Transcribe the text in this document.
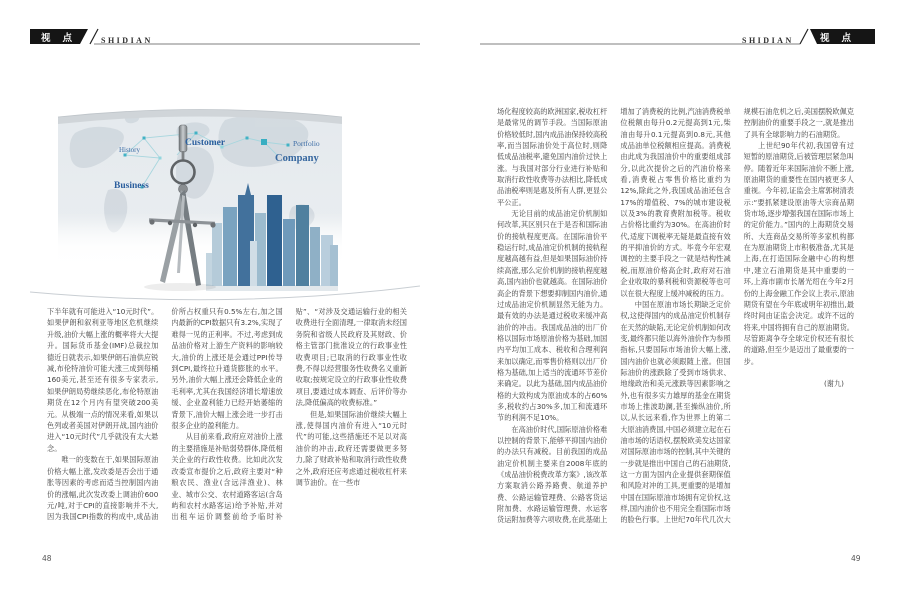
视点 SHIDIAN	SHIDIAN	视点
History
Customer	Portfolio
Company
Business

下半年就有可能进入“10元时代”。如果伊朗和叙利亚等地区危机继续升级,油价大幅上涨的概率将大大提升。国际货币基金(IMF)总裁拉加德近日就表示,如果伊朗石油供应锐减,布伦特油价可能大涨三成到每桶160美元,甚至还有很多专家表示,如果伊朗局势继续恶化,布伦特原油期货在12个月内有望突破200美元。从极端一点的情况来看,如果以色列或者美国对伊朗开战,国内油价进入“10元时代”几乎就没有太大悬念。

唯一的变数在于,如果国际原油价格大幅上涨,发改委是否会出于通胀等因素的考虑而适当控制国内油价的涨幅,此次发改委上调油价600元/吨,对于CPI的直接影响并不大,因为我国CPI指数的构成中,成品油价所占权重只有0.5%左右,加之国内最新的CPI数据只有3.2%,实现了难得一见的正利率。不过,考虑到成品油价格对上游生产资料的影响较大,油价的上涨还是会通过PPI传导到CPI,最终拉升通货膨胀的水平。另外,油价大幅上涨还会降低企业的毛利率,尤其在我国经济增长增速放缓、企业盈利能力已经开始萎缩的背景下,油价大幅上涨会进一步打击很多企业的盈利能力。

从目前来看,政府应对油价上涨的主要措施是补贴弱势群体,降低相关企业的行政性收费。比如此次发改委宣布提价之后,政府主要对“种粮农民、渔业(含远洋渔业)、林业、城市公交、农村道路客运(含岛屿和农村水路客运)给予补贴,并对出租车运价调整前给予临时补贴”、“对涉及交通运输行业的相关收费进行全面清理,一律取消未经国务院和省级人民政府及其财政、价格主管部门批准设立的行政事业性收费项目;已取消的行政事业性收费,不得以经营服务性收费名义重新收取;按规定设立的行政事业性收费项目,要通过成本调查、后评价等办法,降低偏高的收费标准。”

但是,如果国际油价继续大幅上涨,使得国内油价有进入“10元时代”的可能,这些措施还不足以对高油价的冲击,政府还需要做更多努力,除了财政补贴和取消行政性收费之外,政府还应考虑通过税收杠杆来调节油价。在一些市

场化程度较高的欧洲国家,税收杠杆是最常见的调节手段。当国际原油价格较低时,国内成品油保持较高税率,而当国际油价处于高位时,则降低成品油税率,避免国内油价过快上涨。与我国对部分行业进行补贴和取消行政性收费等办法相比,降低成品油税率则是惠及所有人群,更显公平公正。

无论目前的成品油定价机制如何改革,其区别只在于是否和国际油价的接轨程度更高。在国际油价平稳运行时,成品油定价机制的接轨程度越高越有益,但是如果国际油价持续高涨,那么定价机制的接轨程度越高,国内油价也就越高。在国际油价高企的背景下想要抑制国内油价,通过成品油定价机制显然无能为力。最有效的办法是通过税收来缓冲高油价的冲击。我国成品油的出厂价格以国际市场原油价格为基础,加国内平均加工成本、税收和合理利润来加以确定,而零售价格则以出厂价格为基础,加上适当的流通环节差价来确定。以此为基础,国内成品油价格的大致构成为原油成本的占60%多,税收约占30%多,加工和流通环节的利润不足10%。

在高油价时代,国际原油价格难以控制的背景下,能够平抑国内油价的办法只有减税。目前我国的成品油定价机制主要来自2008年底的《成品油价税费改革方案》,该改革方案取消公路养路费、航道养护费、公路运输管理费、公路客货运附加费、水路运输管理费、水运客货运附加费等六项收费,在此基础上增加了消费税的比例,汽油消费税单位税额由每升0.2元提高到1元,柴油由每升0.1元提高到0.8元,其他成品油单位税额相应提高。消费税由此成为我国油价中的重要组成部分,以此次提价之后的汽油价格来看,消费税占零售价格比重约为12%,除此之外,我国成品油还包含17%的增值税、7%的城市建设税以及3%的教育费附加税等。税收占价格比重约为30%。在高油价时代,适度下调税率无疑是最直接有效的平抑油价的方式。毕竟今年宏观调控的主要手段之一就是结构性减税,而原油价格高企时,政府对石油企业收取的暴利税和资源税等也可以在很大程度上缓冲减税的压力。

中国在原油市场长期缺乏定价权,这使得国内的成品油定价机制存在天然的缺陷,无论定价机制如何改变,最终都只能以海外油价作为参照指标,只要国际市场油价大幅上涨,国内油价也就必须跟随上涨。但国际油价的涨跌除了受到市场供求、地缘政治和美元涨跌等因素影响之外,也有很多实力雄厚的基金在期货市场上推波助澜,甚至操纵油价,所以,从长远来看,作为世界上的第二大原油消费国,中国必须建立起在石油市场的话语权,摆脱欧美发达国家对国际原油市场的控制,其中关键的一步就是推出中国自己的石油期货,这一方面为国内企业提供套期保值和风险对冲的工具,更重要的是增加中国在国际原油市场拥有定价权,这样,国内油价也不用完全看国际市场的脸色行事。上世纪70年代几次大规模石油危机之后,美国摆脱欧佩克控制油价的重要手段之一,就是推出了具有全球影响力的石油期货。

上世纪90年代初,我国曾有过短暂的原油期货,后被管理层紧急叫停。随着近年来国际油价不断上涨,原油期货的重要性在国内被更多人重视。今年初,证监会主席郭树清表示:“要抓紧建设原油等大宗商品期货市场,逐步增强我国在国际市场上的定价能力。”国内的上海期货交易所、大连商品交易所等多家机构都在为原油期货上市积极准备,尤其是上海,在打造国际金融中心的构想中,建立石油期货是其中重要的一环,上海市副市长屠光绍在今年2月份的上海金融工作会议上表示,原油期货有望在今年底或明年初推出,最终时间由证监会决定。或许不远的将来,中国将拥有自己的原油期货。尽管距离争夺全球定价权还有很长的道路,但至少是迈出了最重要的一步。

(谢九)

48	49
